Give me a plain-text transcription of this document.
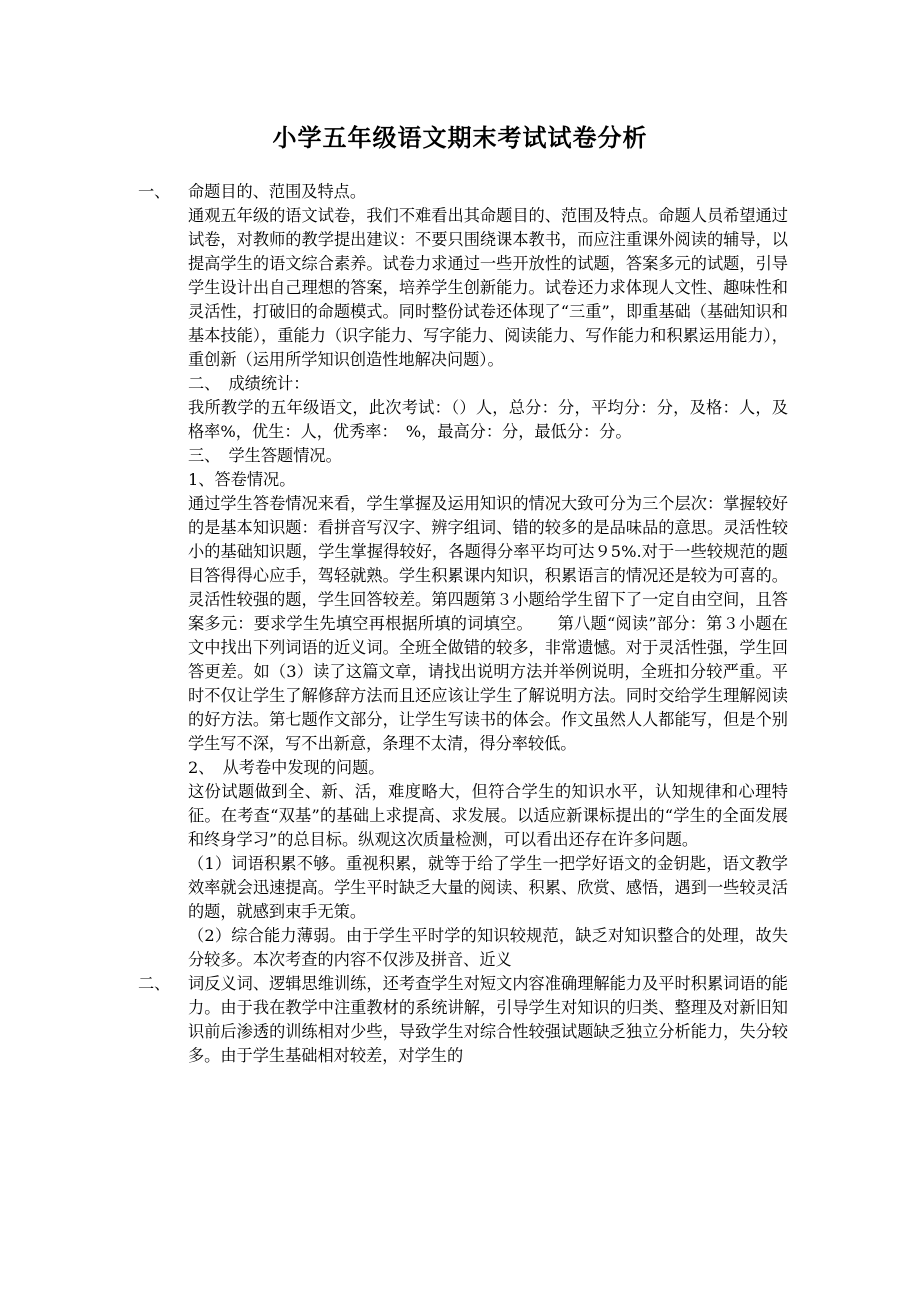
小学五年级语文期末考试试卷分析
一、 命题目的、范围及特点。
通观五年级的语文试卷，我们不难看出其命题目的、范围及特点。命题人员希望通过试卷，对教师的教学提出建议：不要只围绕课本教书，而应注重课外阅读的辅导，以提高学生的语文综合素养。试卷力求通过一些开放性的试题，答案多元的试题，引导学生设计出自己理想的答案，培养学生创新能力。试卷还力求体现人文性、趣味性和灵活性，打破旧的命题模式。同时整份试卷还体现了“三重”，即重基础（基础知识和基本技能），重能力（识字能力、写字能力、阅读能力、写作能力和积累运用能力），重创新（运用所学知识创造性地解决问题）。
二、　成绩统计：
我所教学的五年级语文，此次考试：（）人，总分：分，平均分：分，及格：人，及格率%，优生：人，优秀率：　%，最高分：分，最低分：分。
三、　学生答题情况。
1、答卷情况。
通过学生答卷情况来看，学生掌握及运用知识的情况大致可分为三个层次：掌握较好的是基本知识题：看拼音写汉字、辨字组词、错的较多的是品味品的意思。灵活性较小的基础知识题，学生掌握得较好，各题得分率平均可达９5%.对于一些较规范的题目答得得心应手，驾轻就熟。学生积累课内知识，积累语言的情况还是较为可喜的。灵活性较强的题，学生回答较差。第四题第３小题给学生留下了一定自由空间，且答案多元：要求学生先填空再根据所填的词填空。　　第八题“阅读”部分：第３小题在文中找出下列词语的近义词。全班全做错的较多，非常遗憾。对于灵活性强，学生回答更差。如（3）读了这篇文章，请找出说明方法并举例说明，全班扣分较严重。平时不仅让学生了解修辞方法而且还应该让学生了解说明方法。同时交给学生理解阅读的好方法。第七题作文部分，让学生写读书的体会。作文虽然人人都能写，但是个别学生写不深，写不出新意，条理不太清，得分率较低。
2、　从考卷中发现的问题。
这份试题做到全、新、活，难度略大，但符合学生的知识水平，认知规律和心理特征。在考查“双基”的基础上求提高、求发展。以适应新课标提出的“学生的全面发展和终身学习”的总目标。纵观这次质量检测，可以看出还存在许多问题。
（1）词语积累不够。重视积累，就等于给了学生一把学好语文的金钥匙，语文教学效率就会迅速提高。学生平时缺乏大量的阅读、积累、欣赏、感悟，遇到一些较灵活的题，就感到束手无策。
（2）综合能力薄弱。由于学生平时学的知识较规范，缺乏对知识整合的处理，故失分较多。本次考查的内容不仅涉及拼音、近义
二、 词反义词、逻辑思维训练，还考查学生对短文内容准确理解能力及平时积累词语的能力。由于我在教学中注重教材的系统讲解，引导学生对知识的归类、整理及对新旧知识前后渗透的训练相对少些，导致学生对综合性较强试题缺乏独立分析能力，失分较多。由于学生基础相对较差，对学生的
